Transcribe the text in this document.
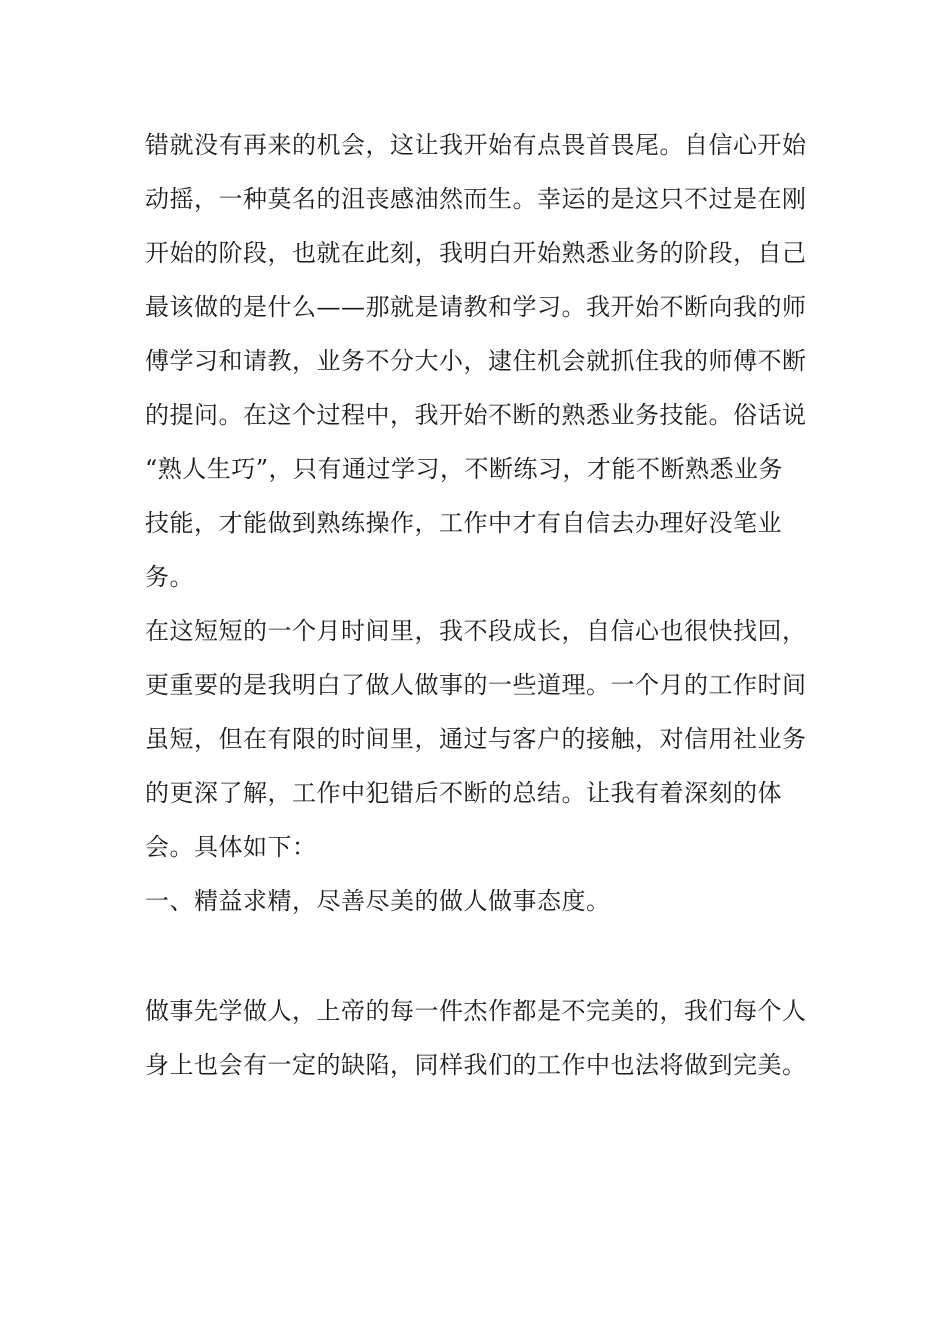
错就没有再来的机会，这让我开始有点畏首畏尾。自信心开始
动摇，一种莫名的沮丧感油然而生。幸运的是这只不过是在刚
开始的阶段，也就在此刻，我明白开始熟悉业务的阶段，自己
最该做的是什么——那就是请教和学习。我开始不断向我的师
傅学习和请教，业务不分大小，逮住机会就抓住我的师傅不断
的提问。在这个过程中，我开始不断的熟悉业务技能。俗话说
“熟人生巧”，只有通过学习，不断练习，才能不断熟悉业务
技能，才能做到熟练操作，工作中才有自信去办理好没笔业
务。
在这短短的一个月时间里，我不段成长，自信心也很快找回，
更重要的是我明白了做人做事的一些道理。一个月的工作时间
虽短，但在有限的时间里，通过与客户的接触，对信用社业务
的更深了解，工作中犯错后不断的总结。让我有着深刻的体
会。具体如下：
一、精益求精，尽善尽美的做人做事态度。
做事先学做人，上帝的每一件杰作都是不完美的，我们每个人
身上也会有一定的缺陷，同样我们的工作中也法将做到完美。
